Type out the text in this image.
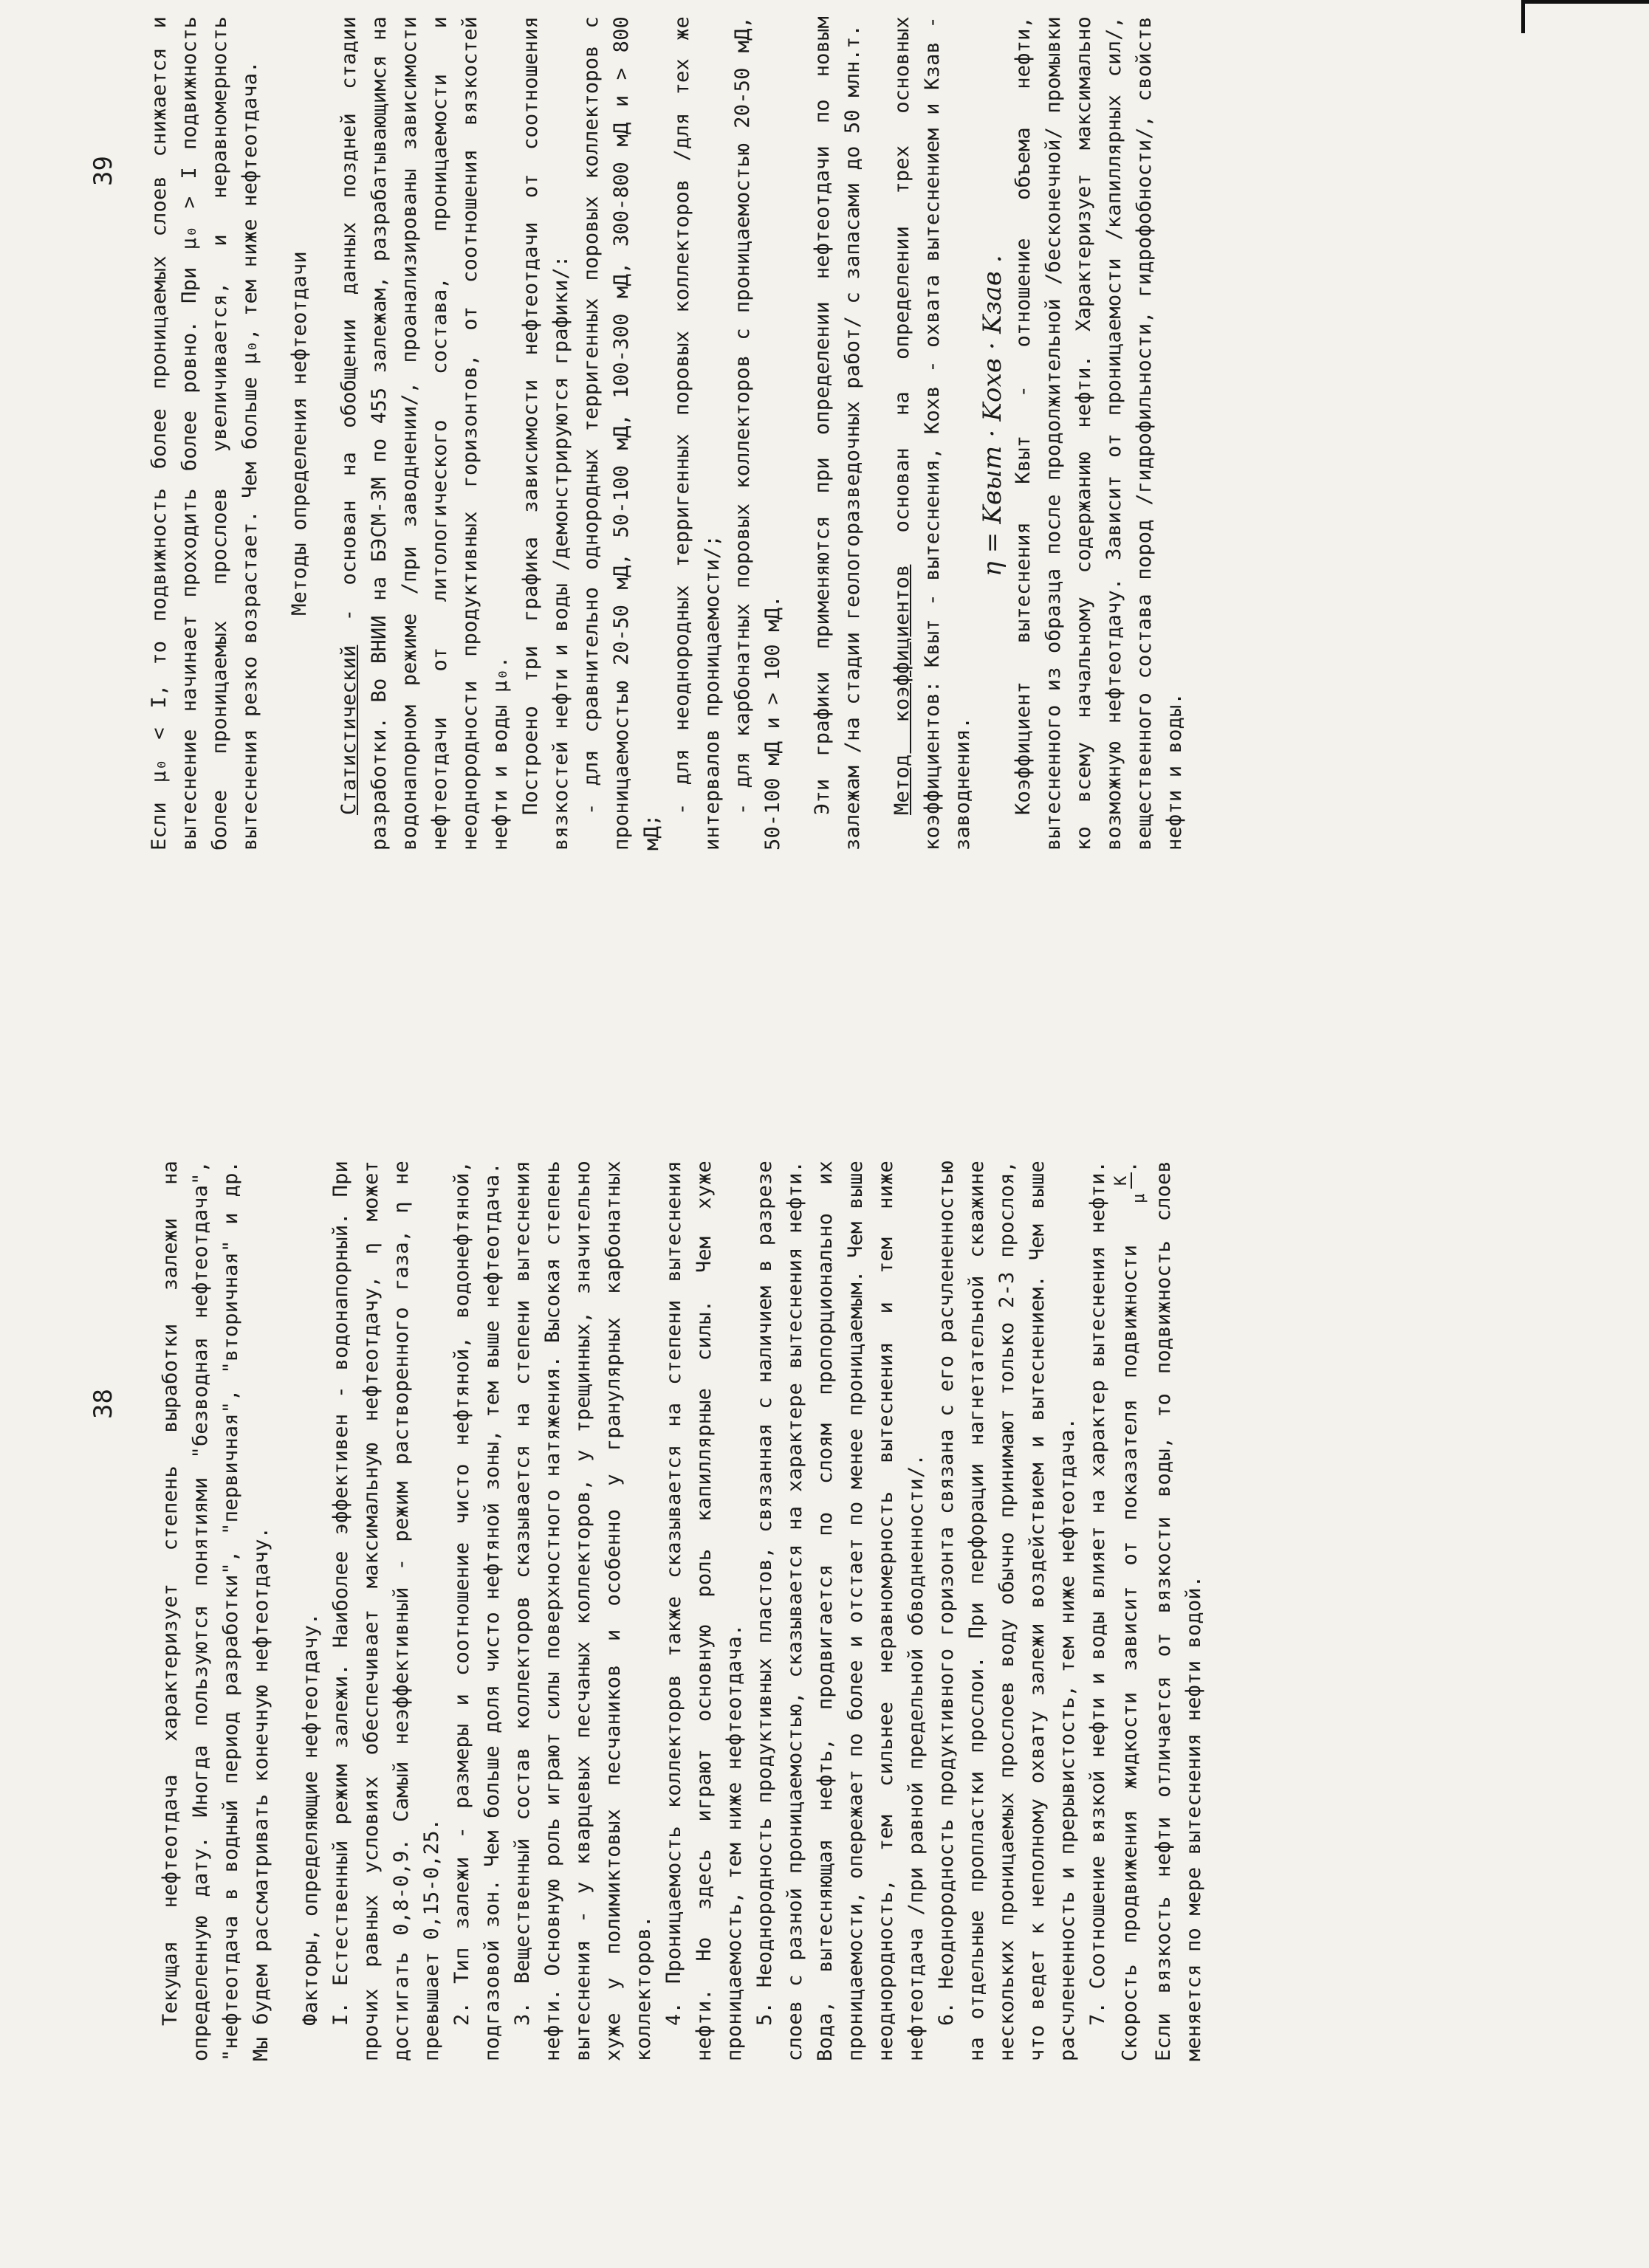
38 Текущая нефтеотдача характеризует степень выработки залежи на определенную дату. Иногда пользуются понятиями "безводная нефтеотдача", "нефтеотдача в водный период разработки", "первичная", "вторичная" и др. Мы будем рассматривать конечную нефтеотдачу. Факторы, определяющие нефтеотдачу. I. Естественный режим залежи. Наиболее эффективен - водонапорный. При прочих равных условиях обеспечивает максимальную нефтеотдачу, η может достигать 0,8-0,9. Самый неэффективный - режим растворенного газа, η не превышает 0,15-0,25. 2. Тип залежи - размеры и соотношение чисто нефтяной, водонефтяной, подгазовой зон. Чем больше доля чисто нефтяной зоны, тем выше нефтеотдача. 3. Вещественный состав коллекторов сказывается на степени вытеснения нефти. Основную роль играют силы поверхностного натяжения. Высокая степень вытеснения - у кварцевых песчаных коллекторов, у трещинных, значительно хуже у полимиктовых песчаников и особенно у гранулярных карбонатных коллекторов. 4. Проницаемость коллекторов также сказывается на степени вытеснения нефти. Но здесь играют основную роль капиллярные силы. Чем хуже проницаемость, тем ниже нефтеотдача. 5. Неоднородность продуктивных пластов, связанная с наличием в разрезе слоев с разной проницаемостью, сказывается на характере вытеснения нефти. Вода, вытесняющая нефть, продвигается по слоям пропорционально их проницаемости, опережает по более и отстает по менее проницаемым. Чем выше неоднородность, тем сильнее неравномерность вытеснения и тем ниже нефтеотдача /при равной предельной обводненности/. 6. Неоднородность продуктивного горизонта связана с его расчлененностью на отдельные пропластки прослои. При перфорации нагнетательной скважине нескольких проницаемых прослоев воду обычно принимают только 2-3 прослоя, что ведет к неполному охвату залежи воздействием и вытеснением. Чем выше расчлененность и прерывистость, тем ниже нефтеотдача. 7. Соотношение вязкой нефти и воды влияет на характер вытеснения нефти. Скорость продвижения жидкости зависит от показателя подвижности K
μ. Если вязкость нефти отличается от вязкости воды, то подвижность слоев меняется по мере вытеснения нефти водой.

39 Если μ₀ < I, то подвижность более проницаемых слоев снижается и вытеснение начинает проходить более ровно. При μ₀ > I подвижность более проницаемых прослоев увеличивается, и неравномерность вытеснения резко возрастает. Чем больше μ₀, тем ниже нефтеотдача. Методы определения нефтеотдачи

Статистический - основан на обобщении данных поздней стадии разработки. Во ВНИИ на БЭСМ-3М по 455 залежам, разрабатывающимся на водонапорном режиме /при заводнении/, проанализированы зависимости нефтеотдачи от литологического состава, проницаемости и неоднородности продуктивных горизонтов, от соотношения вязкостей нефти и воды μ₀. Построено три графика зависимости нефтеотдачи от соотношения вязкостей нефти и воды /демонстрируются графики/: - для сравнительно однородных терригенных поровых коллекторов с проницаемостью 20-50 мД, 50-100 мД, 100-300 мД, 300-800 мД и > 800 мД;

- для неоднородных терригенных поровых коллекторов /для тех же интервалов проницаемости/; - для карбонатных поровых коллекторов с проницаемостью 20-50 мД, 50-100 мД и > 100 мД. Эти графики применяются при определении нефтеотдачи по новым залежам /на стадии геологоразведочных работ/ с запасами до 50 млн.т. Метод коэффициентов основан на определении трех основных коэффициентов: Kвыт - вытеснения, Kохв - охвата вытеснением и Kзав - заводнения.

η = Kвыт · Kохв · Kзав . Коэффициент вытеснения Kвыт - отношение объема нефти, вытесненного из образца после продолжительной /бесконечной/ промывки ко всему начальному содержанию нефти. Характеризует максимально возможную нефтеотдачу. Зависит от проницаемости /капиллярных сил/, вещественного состава пород /гидрофильности, гидрофобности/, свойств нефти и воды.
